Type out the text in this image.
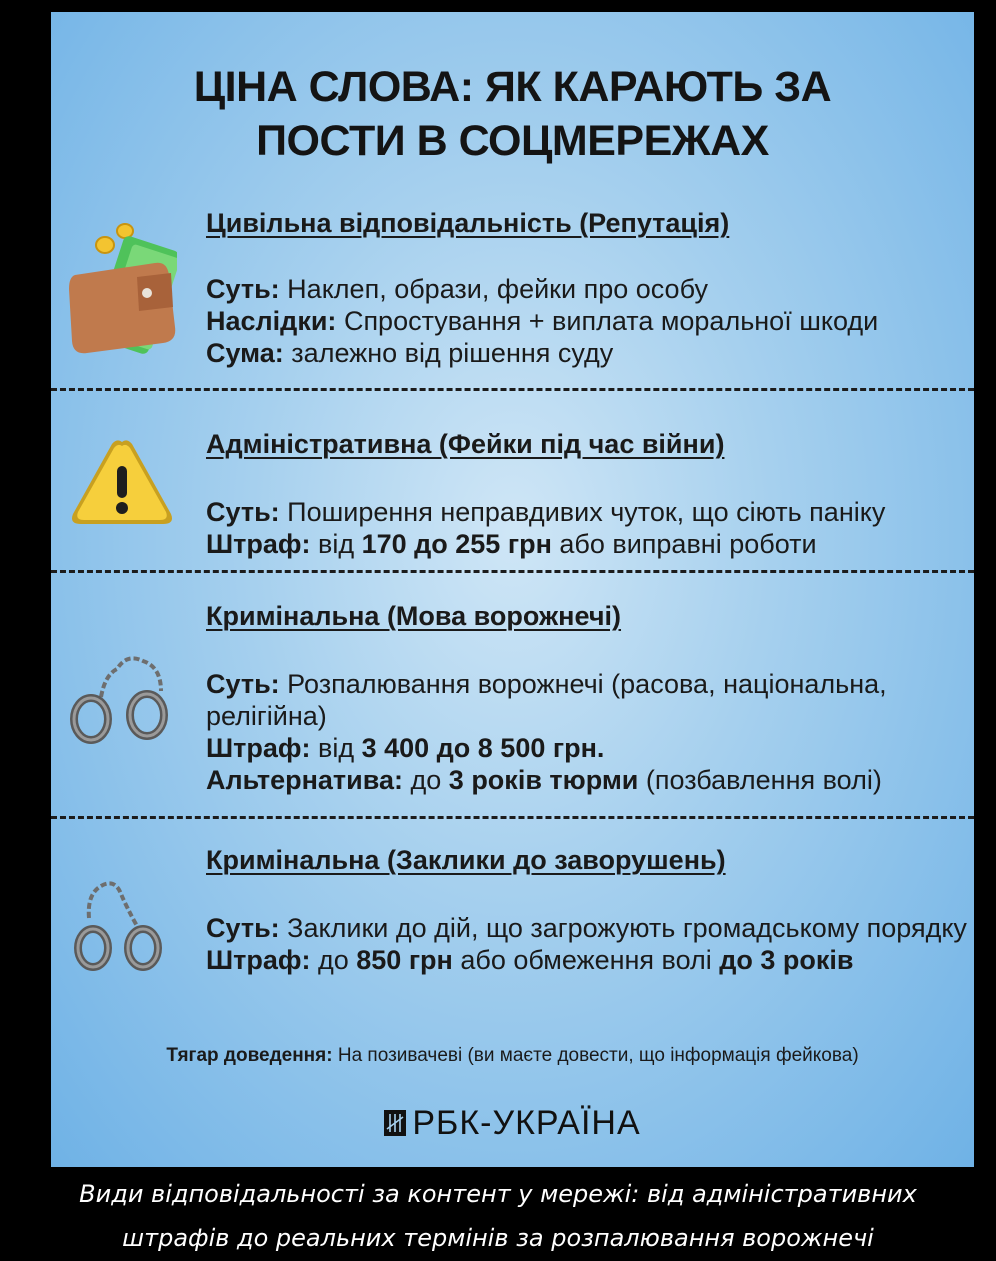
ЦІНА СЛОВА: ЯК КАРАЮТЬ ЗА
ПОСТИ В СОЦМЕРЕЖАХ
Цивільна відповідальність (Репутація)
Суть: Наклеп, образи, фейки про особу
Наслідки: Спростування + виплата моральної шкоди
Сума: залежно від рішення суду
Адміністративна (Фейки під час війни)
Суть: Поширення неправдивих чуток, що сіють паніку
Штраф: від 170 до 255 грн або виправні роботи
Кримінальна (Мова ворожнечі)
Суть: Розпалювання ворожнечі (расова, національна, релігійна)
Штраф: від 3 400 до 8 500 грн.
Альтернатива: до 3 років тюрми (позбавлення волі)
Кримінальна (Заклики до заворушень)
Суть: Заклики до дій, що загрожують громадському порядку
Штраф: до 850 грн або обмеження волі до 3 років
Тягар доведення: На позивачеві (ви маєте довести, що інформація фейкова)
РБК-УКРАЇНА
Види відповідальності за контент у мережі: від адміністративних
штрафів до реальних термінів за розпалювання ворожнечі
